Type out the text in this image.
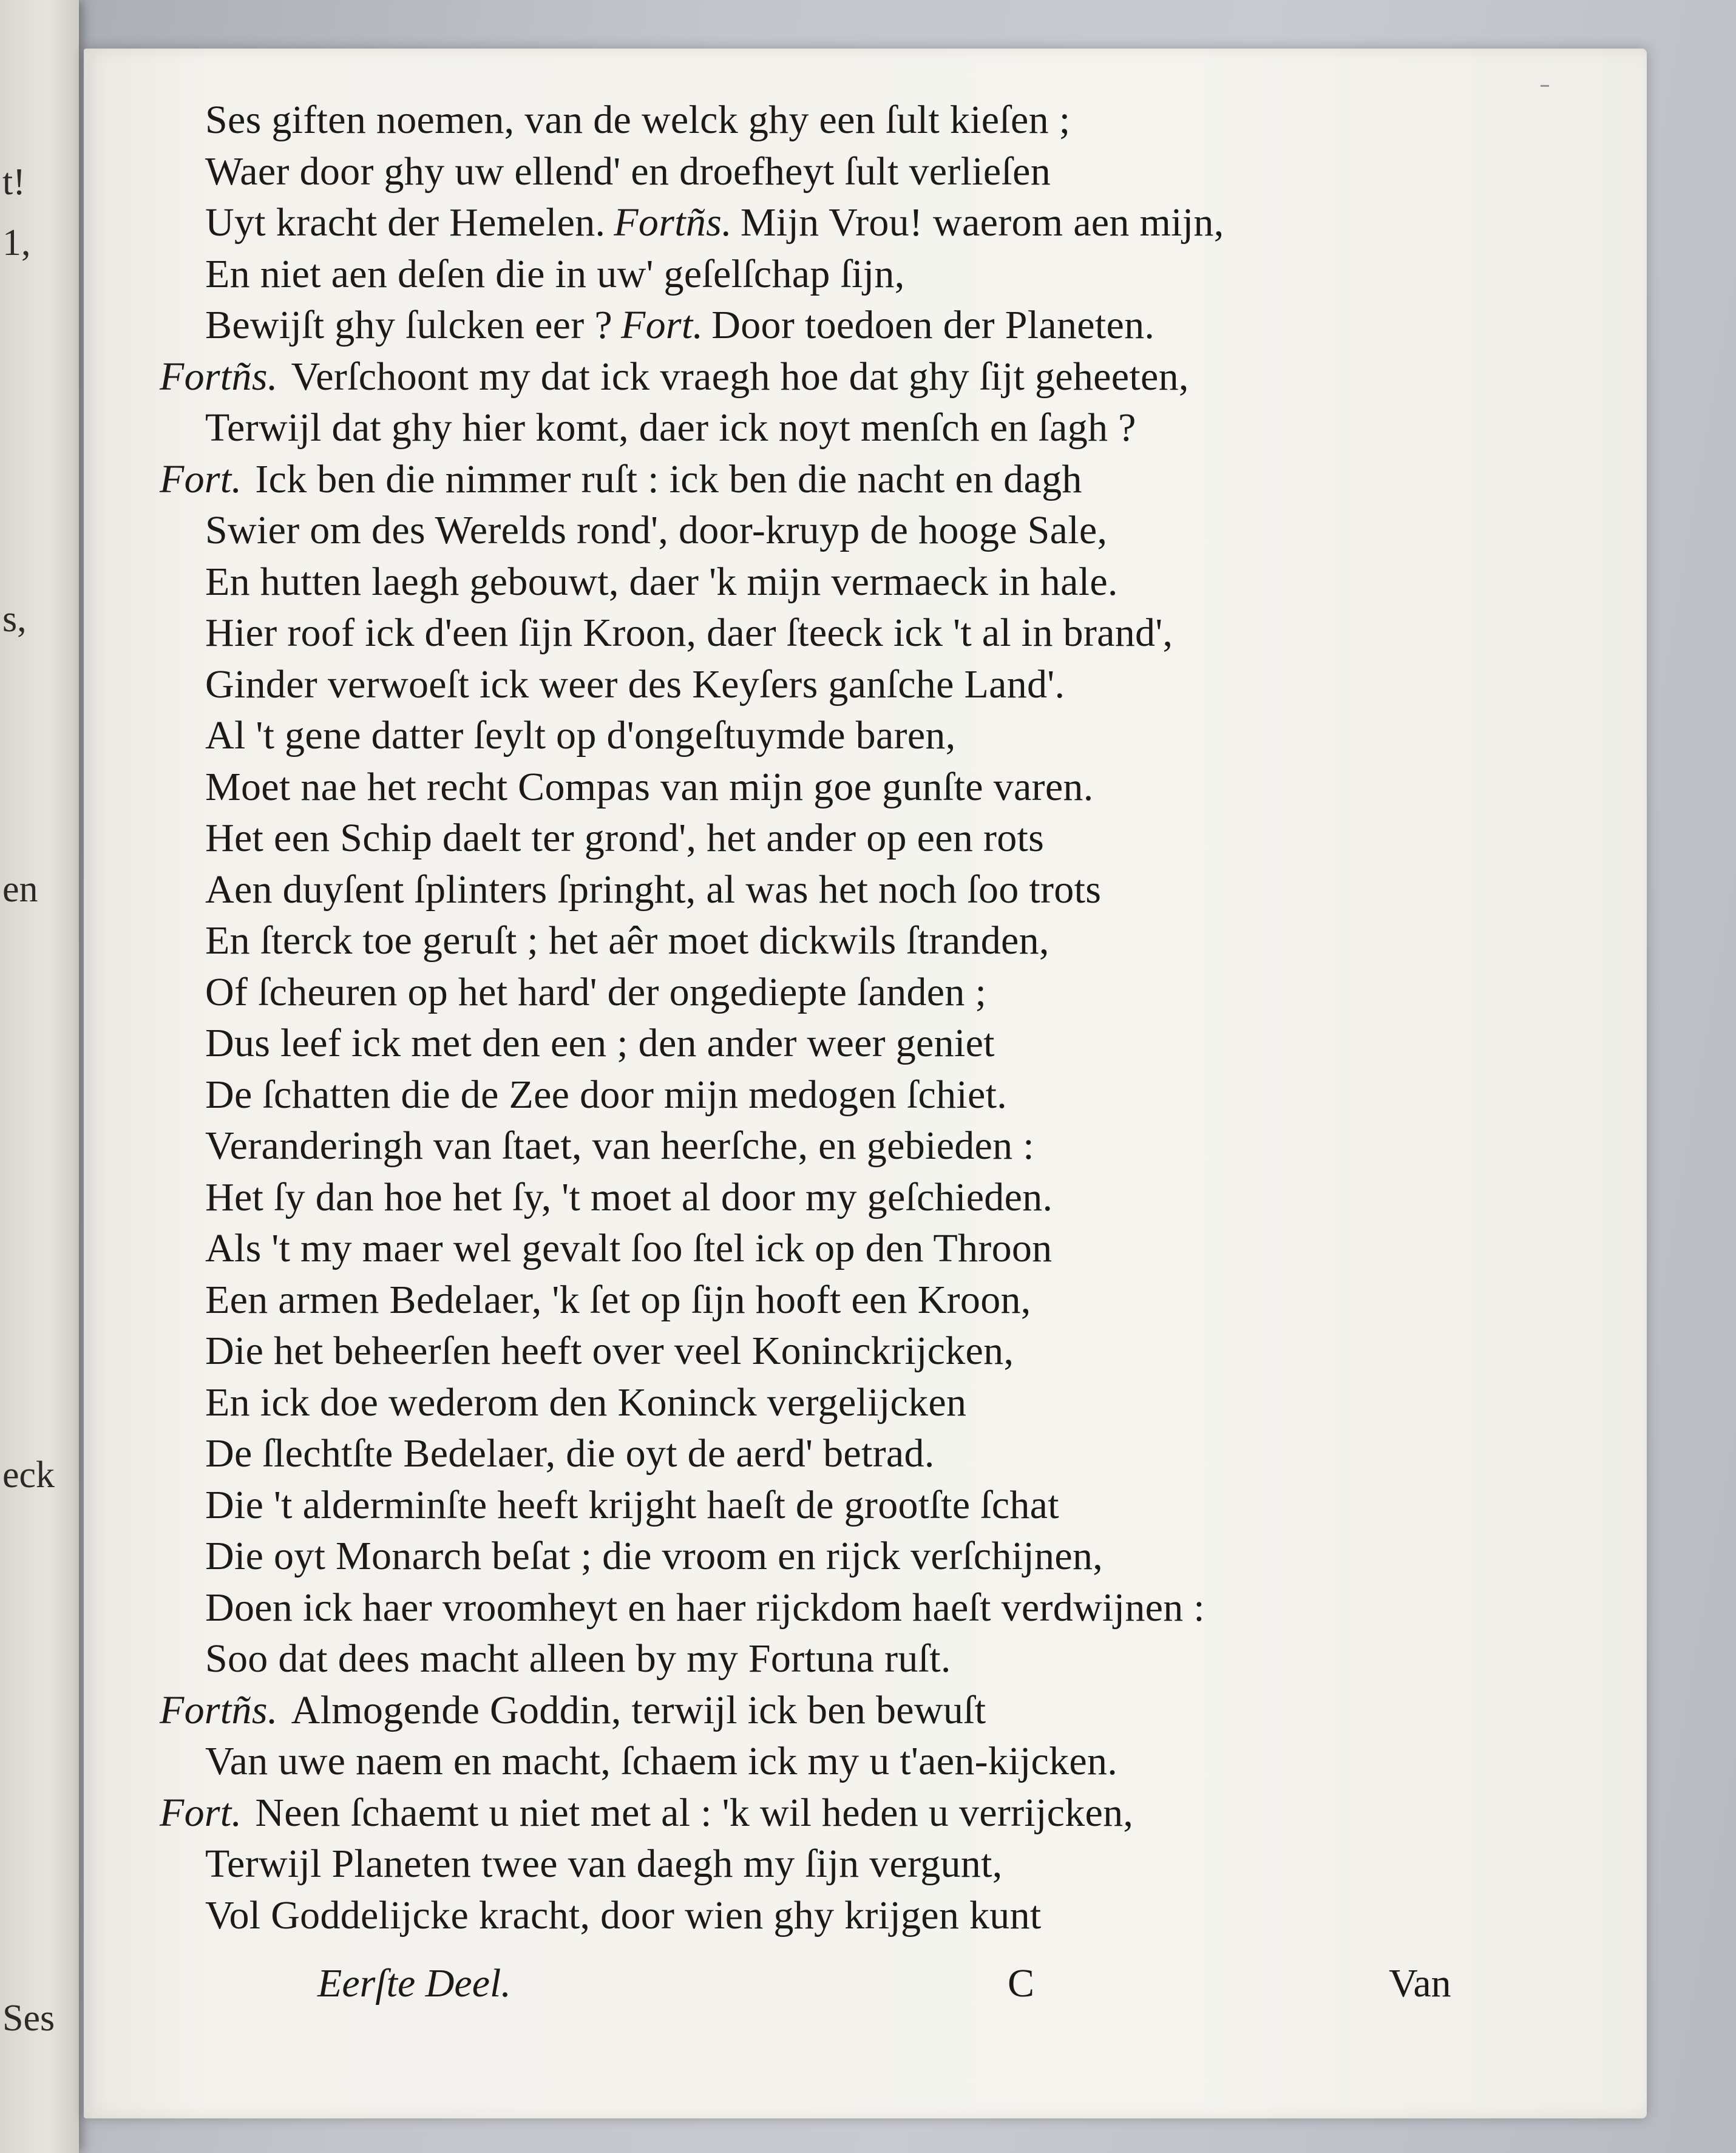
t!
1,
s,
en
eck
Ses
Ses giften noemen, van de welck ghy een ſult kieſen ;
Waer door ghy uw ellend' en droefheyt ſult verlieſen
Uyt kracht der Hemelen. Fortñs. Mijn Vrou! waerom aen mijn,
En niet aen deſen die in uw' geſelſchap ſijn,
Bewijſt ghy ſulcken eer ? Fort. Door toedoen der Planeten.
Fortñs. Verſchoont my dat ick vraegh hoe dat ghy ſijt geheeten,
Terwijl dat ghy hier komt, daer ick noyt menſch en ſagh ?
Fort. Ick ben die nimmer ruſt : ick ben die nacht en dagh
Swier om des Werelds rond', door-kruyp de hooge Sale,
En hutten laegh gebouwt, daer 'k mijn vermaeck in hale.
Hier roof ick d'een ſijn Kroon, daer ſteeck ick 't al in brand',
Ginder verwoeſt ick weer des Keyſers ganſche Land'.
Al 't gene datter ſeylt op d'ongeſtuymde baren,
Moet nae het recht Compas van mijn goe gunſte varen.
Het een Schip daelt ter grond', het ander op een rots
Aen duyſent ſplinters ſpringht, al was het noch ſoo trots
En ſterck toe geruſt ; het aêr moet dickwils ſtranden,
Of ſcheuren op het hard' der ongediepte ſanden ;
Dus leef ick met den een ; den ander weer geniet
De ſchatten die de Zee door mijn medogen ſchiet.
Veranderingh van ſtaet, van heerſche, en gebieden :
Het ſy dan hoe het ſy, 't moet al door my geſchieden.
Als 't my maer wel gevalt ſoo ſtel ick op den Throon
Een armen Bedelaer, 'k ſet op ſijn hooft een Kroon,
Die het beheerſen heeft over veel Koninckrijcken,
En ick doe wederom den Koninck vergelijcken
De ſlechtſte Bedelaer, die oyt de aerd' betrad.
Die 't alderminſte heeft krijght haeſt de grootſte ſchat
Die oyt Monarch beſat ; die vroom en rijck verſchijnen,
Doen ick haer vroomheyt en haer rijckdom haeſt verdwijnen :
Soo dat dees macht alleen by my Fortuna ruſt.
Fortñs. Almogende Goddin, terwijl ick ben bewuſt
Van uwe naem en macht, ſchaem ick my u t'aen-kijcken.
Fort. Neen ſchaemt u niet met al : 'k wil heden u verrijcken,
Terwijl Planeten twee van daegh my ſijn vergunt,
Vol Goddelijcke kracht, door wien ghy krijgen kunt
Eerſte Deel.	C	Van
